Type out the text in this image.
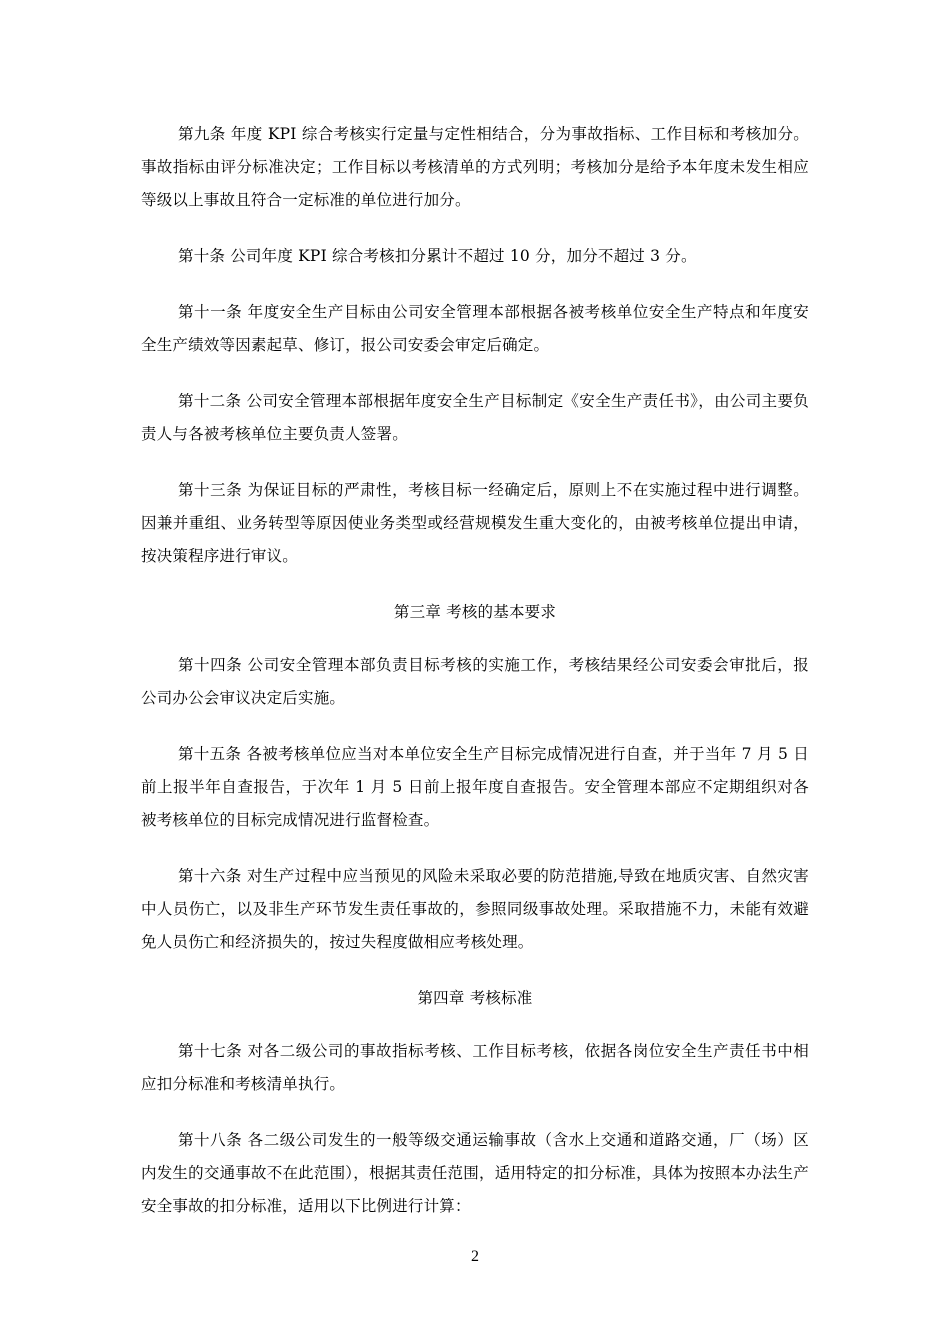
第九条 年度 KPI 综合考核实行定量与定性相结合，分为事故指标、工作目标和考核加分。事故指标由评分标准决定；工作目标以考核清单的方式列明；考核加分是给予本年度未发生相应等级以上事故且符合一定标准的单位进行加分。

第十条 公司年度 KPI 综合考核扣分累计不超过 10 分，加分不超过 3 分。

第十一条 年度安全生产目标由公司安全管理本部根据各被考核单位安全生产特点和年度安全生产绩效等因素起草、修订，报公司安委会审定后确定。

第十二条 公司安全管理本部根据年度安全生产目标制定《安全生产责任书》，由公司主要负责人与各被考核单位主要负责人签署。

第十三条 为保证目标的严肃性，考核目标一经确定后，原则上不在实施过程中进行调整。因兼并重组、业务转型等原因使业务类型或经营规模发生重大变化的，由被考核单位提出申请，按决策程序进行审议。

第三章 考核的基本要求

第十四条 公司安全管理本部负责目标考核的实施工作，考核结果经公司安委会审批后，报公司办公会审议决定后实施。

第十五条 各被考核单位应当对本单位安全生产目标完成情况进行自查，并于当年 7 月 5 日前上报半年自查报告，于次年 1 月 5 日前上报年度自查报告。安全管理本部应不定期组织对各被考核单位的目标完成情况进行监督检查。

第十六条 对生产过程中应当预见的风险未采取必要的防范措施,导致在地质灾害、自然灾害中人员伤亡，以及非生产环节发生责任事故的，参照同级事故处理。采取措施不力，未能有效避免人员伤亡和经济损失的，按过失程度做相应考核处理。

第四章 考核标准

第十七条 对各二级公司的事故指标考核、工作目标考核，依据各岗位安全生产责任书中相应扣分标准和考核清单执行。

第十八条 各二级公司发生的一般等级交通运输事故（含水上交通和道路交通，厂（场）区内发生的交通事故不在此范围），根据其责任范围，适用特定的扣分标准，具体为按照本办法生产安全事故的扣分标准，适用以下比例进行计算：

2
